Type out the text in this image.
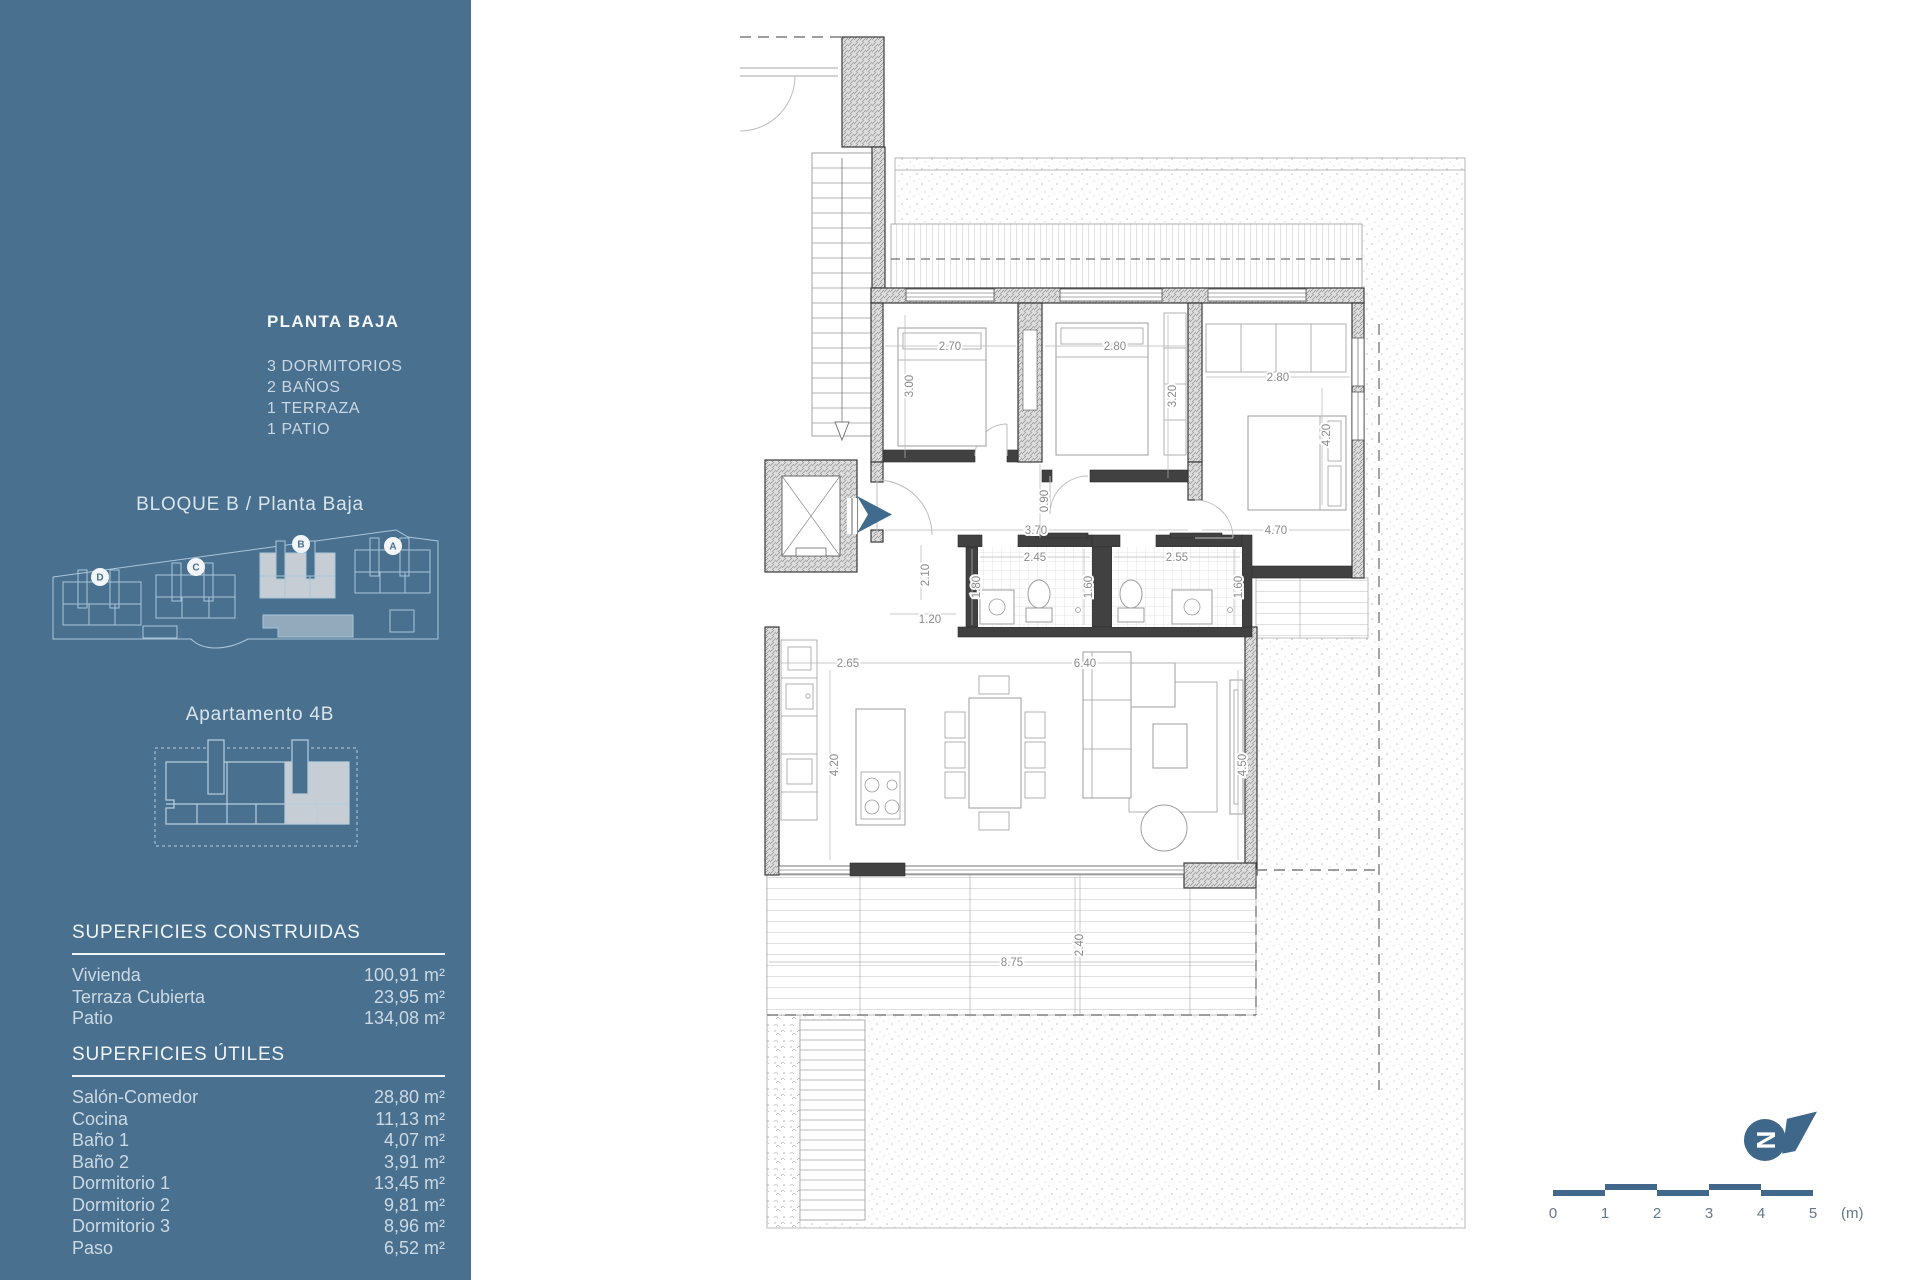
PLANTA BAJA
3 DORMITORIOS
2 BAÑOS
1 TERRAZA
1 PATIO
BLOQUE B / Planta Baja
D
C
B	A
Apartamento 4B
SUPERFICIES CONSTRUIDAS
Vivienda	100,91 m²
Terraza Cubierta	23,95 m²
Patio	134,08 m²
SUPERFICIES ÚTILES
Salón-Comedor	28,80 m²
Cocina	11,13 m²
Baño 1	4,07 m²
Baño 2	3,91 m²
Dormitorio 1	13,45 m²
Dormitorio 2	9,81 m²
Dormitorio 3	8,96 m²
Paso	6,52 m²
2.70
3.00
2.80
3.20
2.80
4.20
3.70
0.90
4.70
2.45	2.55
1.80	1.60	1.60
2.10
1.20
2.65	6.40
4.20	4.50
8.75
2.40
N
0	1	2	3	4	5 (m)
